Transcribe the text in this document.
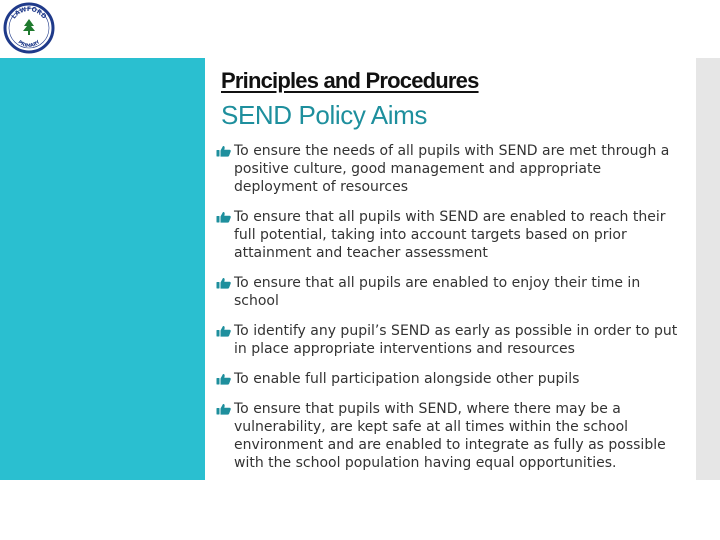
LAWFORD
PRIMARY
Principles and Procedures
SEND Policy Aims
To ensure the needs of all pupils with SEND are met through a positive culture, good management and appropriate deployment of resources
To ensure that all pupils with SEND are enabled to reach their full potential, taking into account targets based on prior attainment and teacher assessment
To ensure that all pupils are enabled to enjoy their time in school
To identify any pupil’s SEND as early as possible in order to put in place appropriate interventions and resources
To enable full participation alongside other pupils
To ensure that pupils with SEND, where there may be a vulnerability, are kept safe at all times within the school environment and are enabled to integrate as fully as possible with the school population having equal opportunities.
